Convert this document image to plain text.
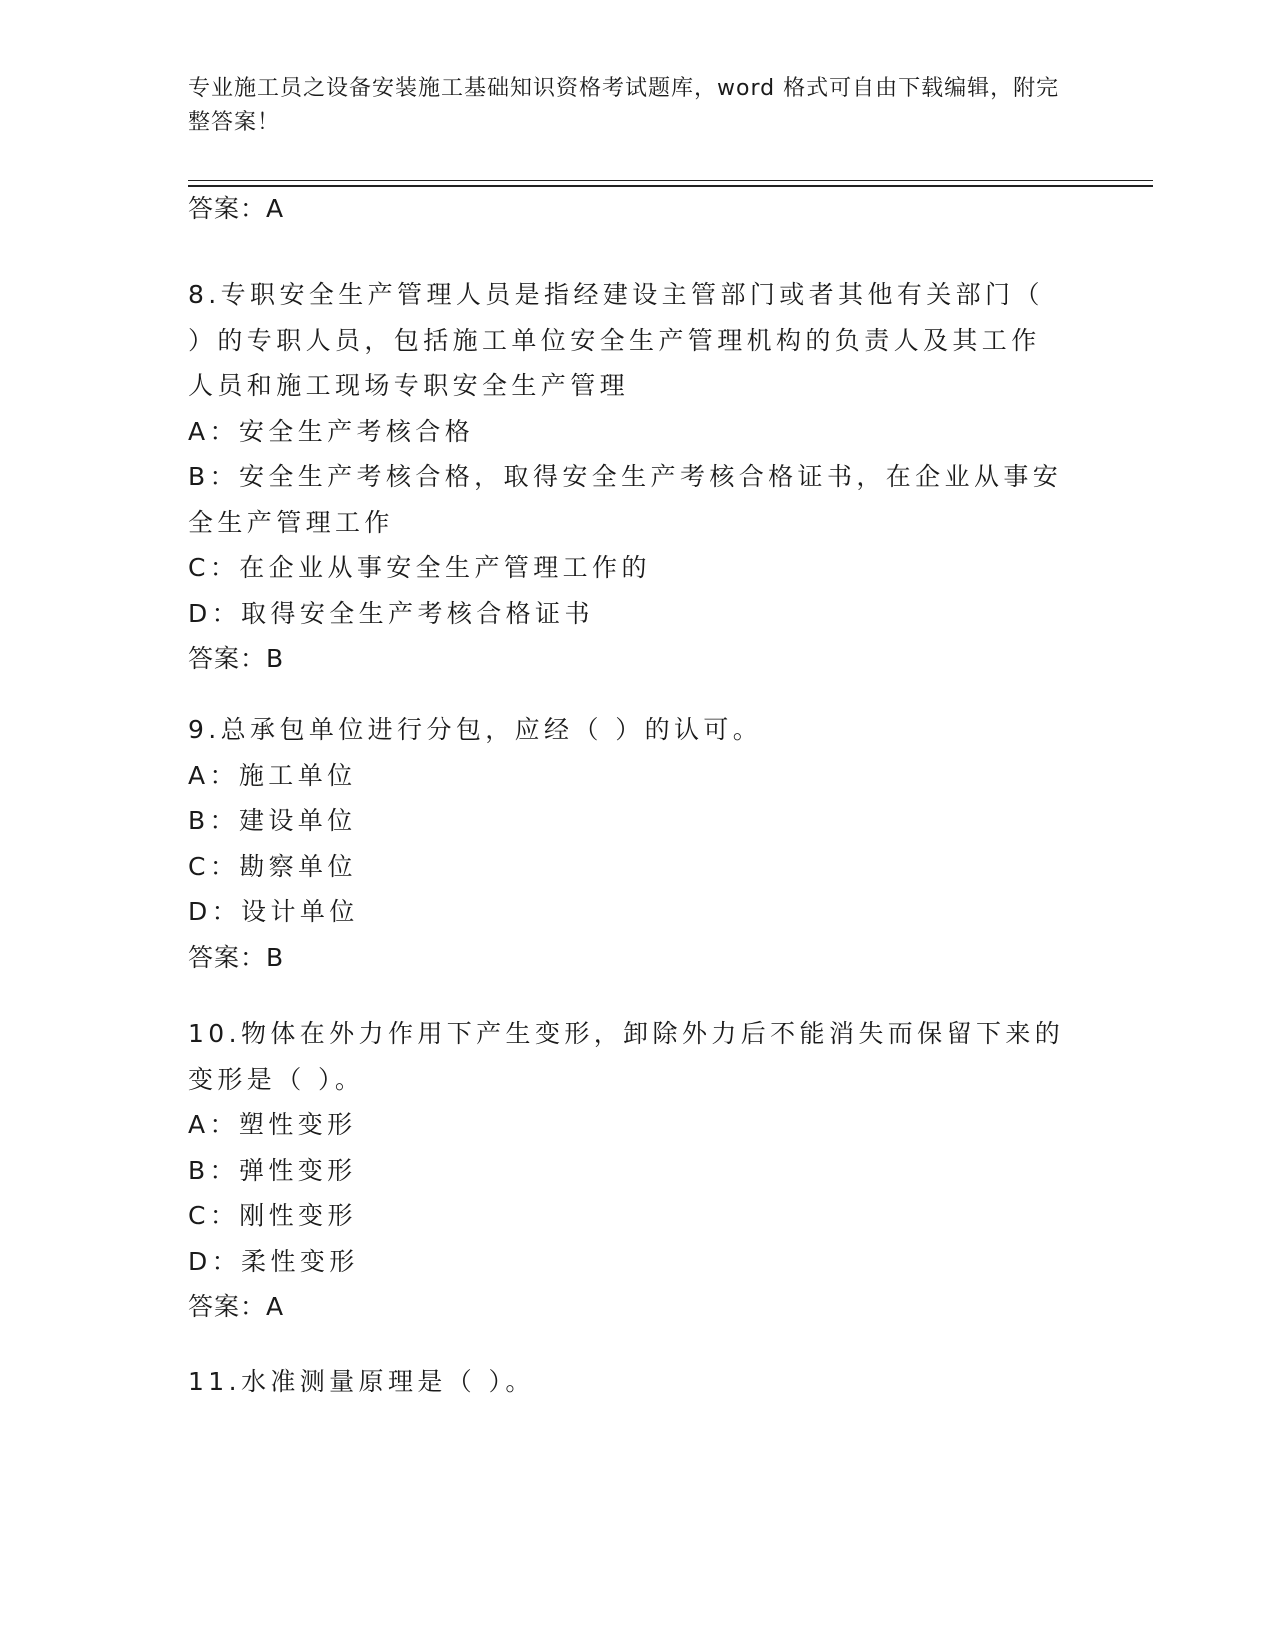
专业施工员之设备安装施工基础知识资格考试题库，word 格式可自由下载编辑，附完整答案！
答案：A
8.专职安全生产管理人员是指经建设主管部门或者其他有关部门（ ）的专职人员，包括施工单位安全生产管理机构的负责人及其工作人员和施工现场专职安全生产管理
A：安全生产考核合格
B：安全生产考核合格，取得安全生产考核合格证书，在企业从事安全生产管理工作
C：在企业从事安全生产管理工作的
D：取得安全生产考核合格证书
答案：B
9.总承包单位进行分包，应经（ ）的认可。
A：施工单位
B：建设单位
C：勘察单位
D：设计单位
答案：B
10.物体在外力作用下产生变形，卸除外力后不能消失而保留下来的变形是（ ）。
A：塑性变形
B：弹性变形
C：刚性变形
D：柔性变形
答案：A
11.水准测量原理是（ ）。
